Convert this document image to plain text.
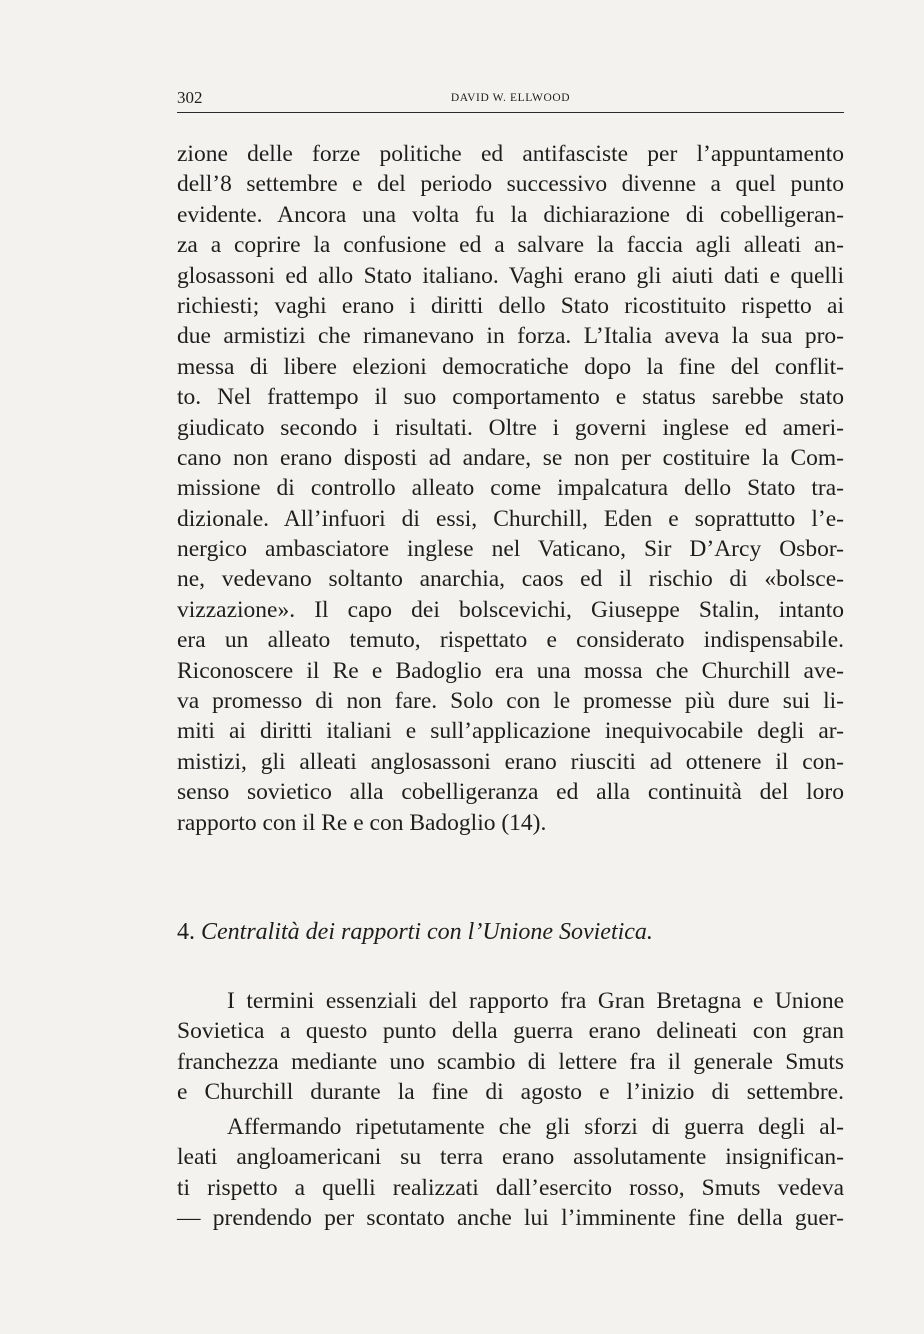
302	DAVID W. ELLWOOD
zione delle forze politiche ed antifasciste per l’appuntamento
dell’8 settembre e del periodo successivo divenne a quel punto
evidente. Ancora una volta fu la dichiarazione di cobelligeran-
za a coprire la confusione ed a salvare la faccia agli alleati an-
glosassoni ed allo Stato italiano. Vaghi erano gli aiuti dati e quelli
richiesti; vaghi erano i diritti dello Stato ricostituito rispetto ai
due armistizi che rimanevano in forza. L’Italia aveva la sua pro-
messa di libere elezioni democratiche dopo la fine del conflit-
to. Nel frattempo il suo comportamento e status sarebbe stato
giudicato secondo i risultati. Oltre i governi inglese ed ameri-
cano non erano disposti ad andare, se non per costituire la Com-
missione di controllo alleato come impalcatura dello Stato tra-
dizionale. All’infuori di essi, Churchill, Eden e soprattutto l’e-
nergico ambasciatore inglese nel Vaticano, Sir D’Arcy Osbor-
ne, vedevano soltanto anarchia, caos ed il rischio di «bolsce-
vizzazione». Il capo dei bolscevichi, Giuseppe Stalin, intanto
era un alleato temuto, rispettato e considerato indispensabile.
Riconoscere il Re e Badoglio era una mossa che Churchill ave-
va promesso di non fare. Solo con le promesse più dure sui li-
miti ai diritti italiani e sull’applicazione inequivocabile degli ar-
mistizi, gli alleati anglosassoni erano riusciti ad ottenere il con-
senso sovietico alla cobelligeranza ed alla continuità del loro
rapporto con il Re e con Badoglio (14).
4. Centralità dei rapporti con l’Unione Sovietica.
I termini essenziali del rapporto fra Gran Bretagna e Unione
Sovietica a questo punto della guerra erano delineati con gran
franchezza mediante uno scambio di lettere fra il generale Smuts
e Churchill durante la fine di agosto e l’inizio di settembre.
Affermando ripetutamente che gli sforzi di guerra degli al-
leati angloamericani su terra erano assolutamente insignifican-
ti rispetto a quelli realizzati dall’esercito rosso, Smuts vedeva
— prendendo per scontato anche lui l’imminente fine della guer-
